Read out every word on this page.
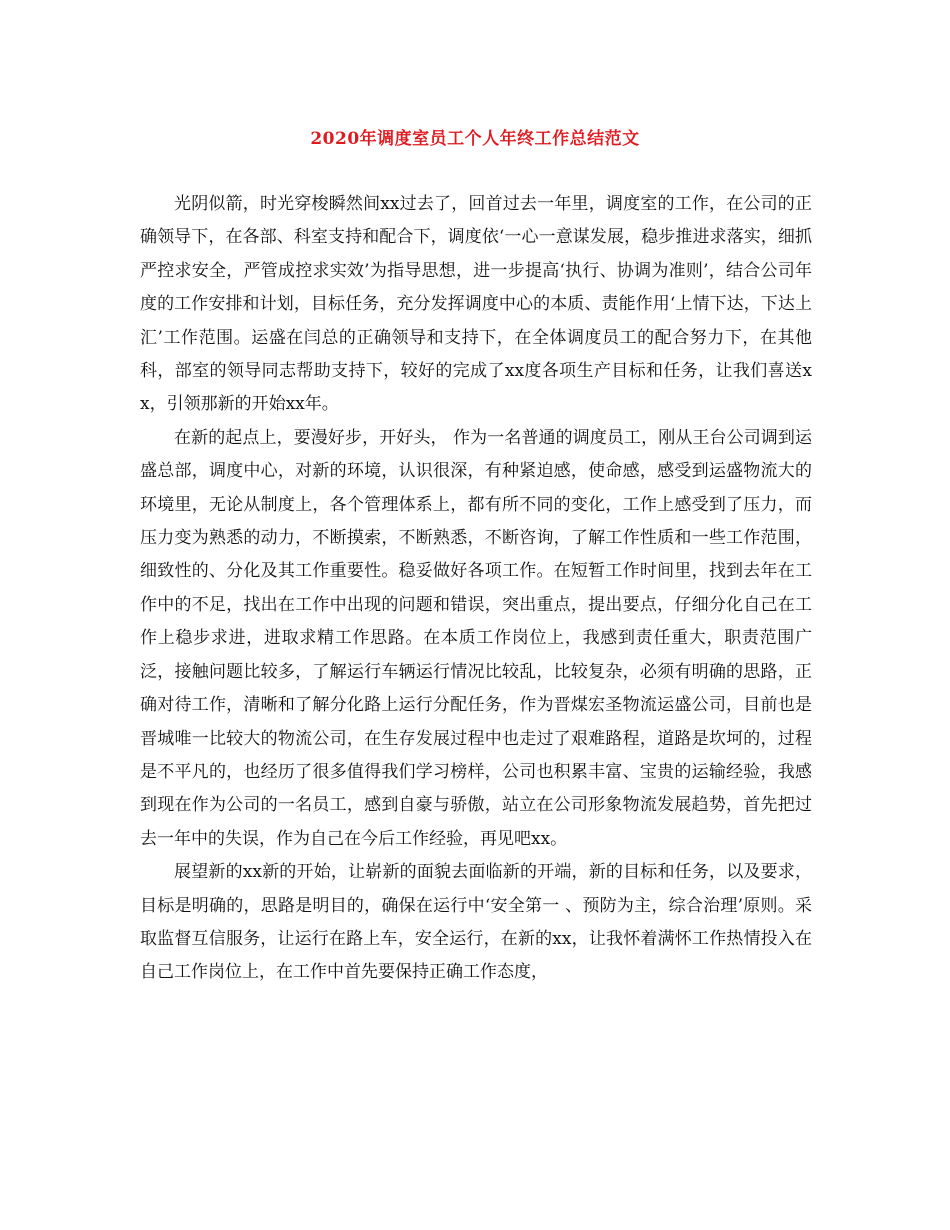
2020年调度室员工个人年终工作总结范文

光阴似箭，时光穿梭瞬然间xx过去了，回首过去一年里，调度室的工作，在公司的正确领导下，在各部、科室支持和配合下，调度依‘一心一意谋发展，稳步推进求落实，细抓严控求安全，严管成控求实效’为指导思想，进一步提高‘执行、协调为准则’，结合公司年度的工作安排和计划，目标任务，充分发挥调度中心的本质、责能作用‘上情下达，下达上汇’工作范围。运盛在闫总的正确领导和支持下，在全体调度员工的配合努力下，在其他科，部室的领导同志帮助支持下，较好的完成了xx度各项生产目标和任务，让我们喜送xx，引领那新的开始xx年。

在新的起点上，要漫好步，开好头， 作为一名普通的调度员工，刚从王台公司调到运盛总部，调度中心，对新的环境，认识很深，有种紧迫感，使命感，感受到运盛物流大的环境里，无论从制度上，各个管理体系上，都有所不同的变化，工作上感受到了压力，而压力变为熟悉的动力，不断摸索，不断熟悉，不断咨询，了解工作性质和一些工作范围，细致性的、分化及其工作重要性。稳妥做好各项工作。在短暂工作时间里，找到去年在工作中的不足，找出在工作中出现的问题和错误，突出重点，提出要点，仔细分化自己在工作上稳步求进，进取求精工作思路。在本质工作岗位上，我感到责任重大，职责范围广泛，接触问题比较多，了解运行车辆运行情况比较乱，比较复杂，必须有明确的思路，正确对待工作，清晰和了解分化路上运行分配任务，作为晋煤宏圣物流运盛公司，目前也是晋城唯一比较大的物流公司，在生存发展过程中也走过了艰难路程，道路是坎坷的，过程是不平凡的，也经历了很多值得我们学习榜样，公司也积累丰富、宝贵的运输经验，我感到现在作为公司的一名员工，感到自豪与骄傲，站立在公司形象物流发展趋势，首先把过去一年中的失误，作为自己在今后工作经验，再见吧xx。

展望新的xx新的开始，让崭新的面貌去面临新的开端，新的目标和任务，以及要求，目标是明确的，思路是明目的，确保在运行中‘安全第一 、预防为主，综合治理’原则。采取监督互信服务，让运行在路上车，安全运行，在新的xx，让我怀着满怀工作热情投入在自己工作岗位上，在工作中首先要保持正确工作态度，
